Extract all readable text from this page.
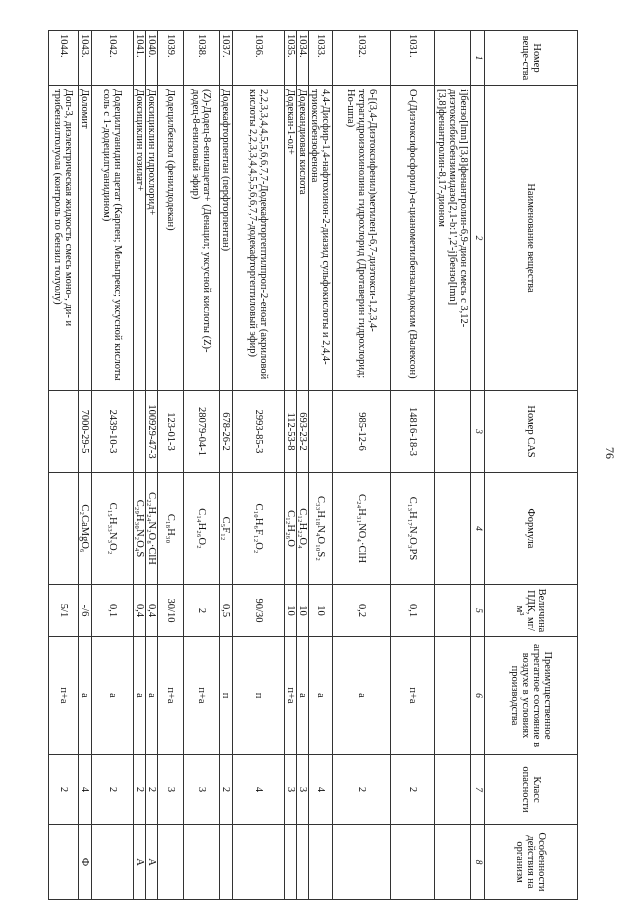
76
Номер веще-ства	Наименование вещества	Номер CAS	Формула	Величина ПДК, мг/м³	Преимущественное агрегатное состояние в воздухе в условиях производства	Класс опасности	Особенности действия на организм
1	2	3	4	5	6	7	8
	i]бензо[lmn] [3,8]фенантролин-6,9-дион смесь с 3,12-диэтоксибисбензимидазо[2,1-b:1',2'-j]бензо[lmn] [3,8]фенантролин-8,17-дионом						
1031.	O-(Диэтоксифосфорил)-α-цианометилбензальдоксим (Валексон)	14816-18-3	C₁₃H₁₇N₂O₃PS	0,1	п+а	2	
1032.	6-[(3,4-Диэтоксифенил)метилен]-6,7-диэтокси-1,2,3,4-тетрагидроизохинолина гидрохлорид (Дротаверин гидрохлорид; Но-шпа)	985-12-6	C₂₄H₃₁NO₄·ClH	0,2	а	2	
1033.	4,4-Дисфир-1,4-нафтохинон-2-диазид сульфокислоты и 2,4,4-триоксибензофенона		C₃₃H₁₈N₄O₁₀S₂	10	а	4	
1034.	Додекандиовая кислота	693-23-2	C₁₂H₂₂O₄	10	а	3	
1035.	Додекан-1-ол+	112-53-8	C₁₂H₂₆O	10	п+а	3	
1036.	2,2,3,3,4,4,5,5,6,6,7,7-Додекафторгептилпроп-2-еноат (акриловой кислоты 2,2,3,3,4,4,5,5,6,6,7,7-додекафторгептиловый эфир)	2993-85-3	C₁₀H₆F₁₂O₂	90/30	п	4	
1037.	Додекафторпентан (перфторпентан)	678-26-2	C₅F₁₂	0,5	п	2	
1038.	(Z)-Додец-8-енилацетат+ (Денацил; уксусной кислоты (Z)-додец-8-ениловый эфир)	28079-04-1	C₁₄H₂₆O₂	2	п+а	3	
1039.	Додецилбензол (фенилдодекан)	123-01-3	C₁₈H₃₀	30/10	п+а	3	
1040.	Доксициклин гидрохлорид+	100929-47-3	C₂₂H₂₄N₂O₈·ClH	0,4	а	2	А
1041.	Доксициклин гозилат+		C₂₉H₃₀N₂O₄S	0,4	а	2	А
1042.	Додецилгуанидин ацетат (Карпен; Мельпрекс; уксусной кислоты соль с 1-додецилгуанидином)	2439-10-3	C₁₅H₃₃N₃O₂	0,1	а	2	
1043.	Доломит	7000-29-5	C₂CaMgO₆	-/6	а	4	Ф
1044.	Доп-3, диэлектрическая жидкость смесь моно-, ди- и трибензилтолуола (контроль по бензил толуолу)			5/1	п+а	2	
